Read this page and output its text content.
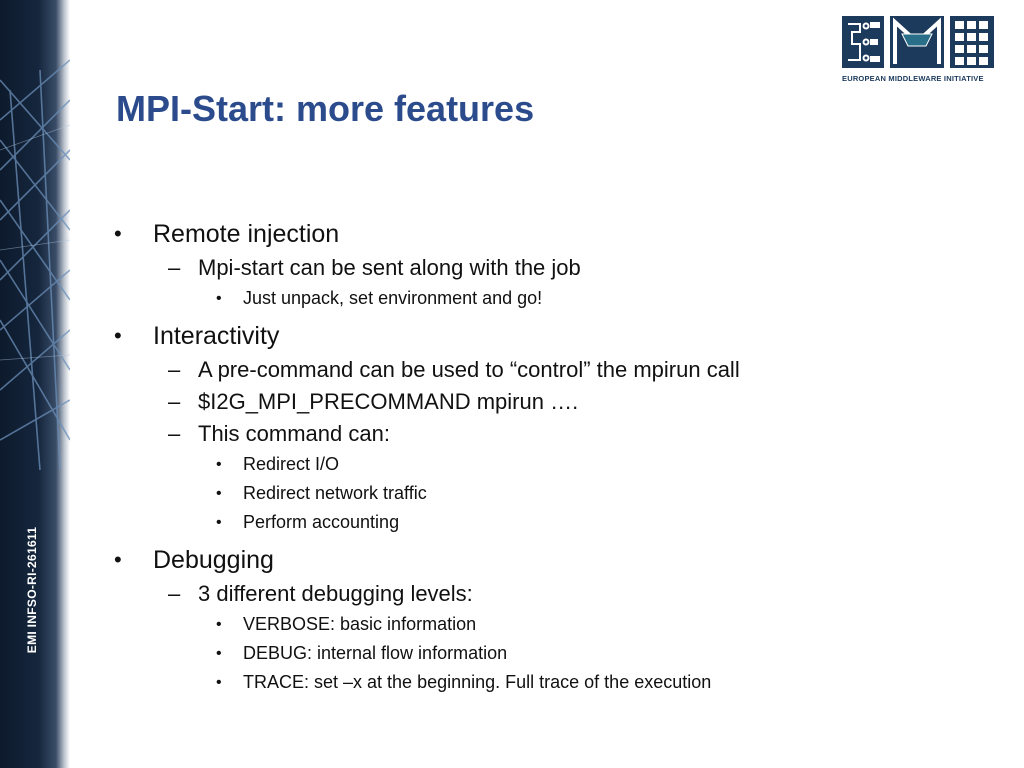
EMI INFSO-RI-261611
EUROPEAN MIDDLEWARE INITIATIVE
MPI-Start: more features
• Remote injection
– Mpi-start can be sent along with the job
• Just unpack, set environment and go!
• Interactivity
– A pre-command can be used to “control” the mpirun call
– $I2G_MPI_PRECOMMAND mpirun ….
– This command can:
• Redirect I/O
• Redirect network traffic
• Perform accounting
• Debugging
– 3 different debugging levels:
• VERBOSE: basic information
• DEBUG: internal flow information
• TRACE: set –x at the beginning. Full trace of the execution
